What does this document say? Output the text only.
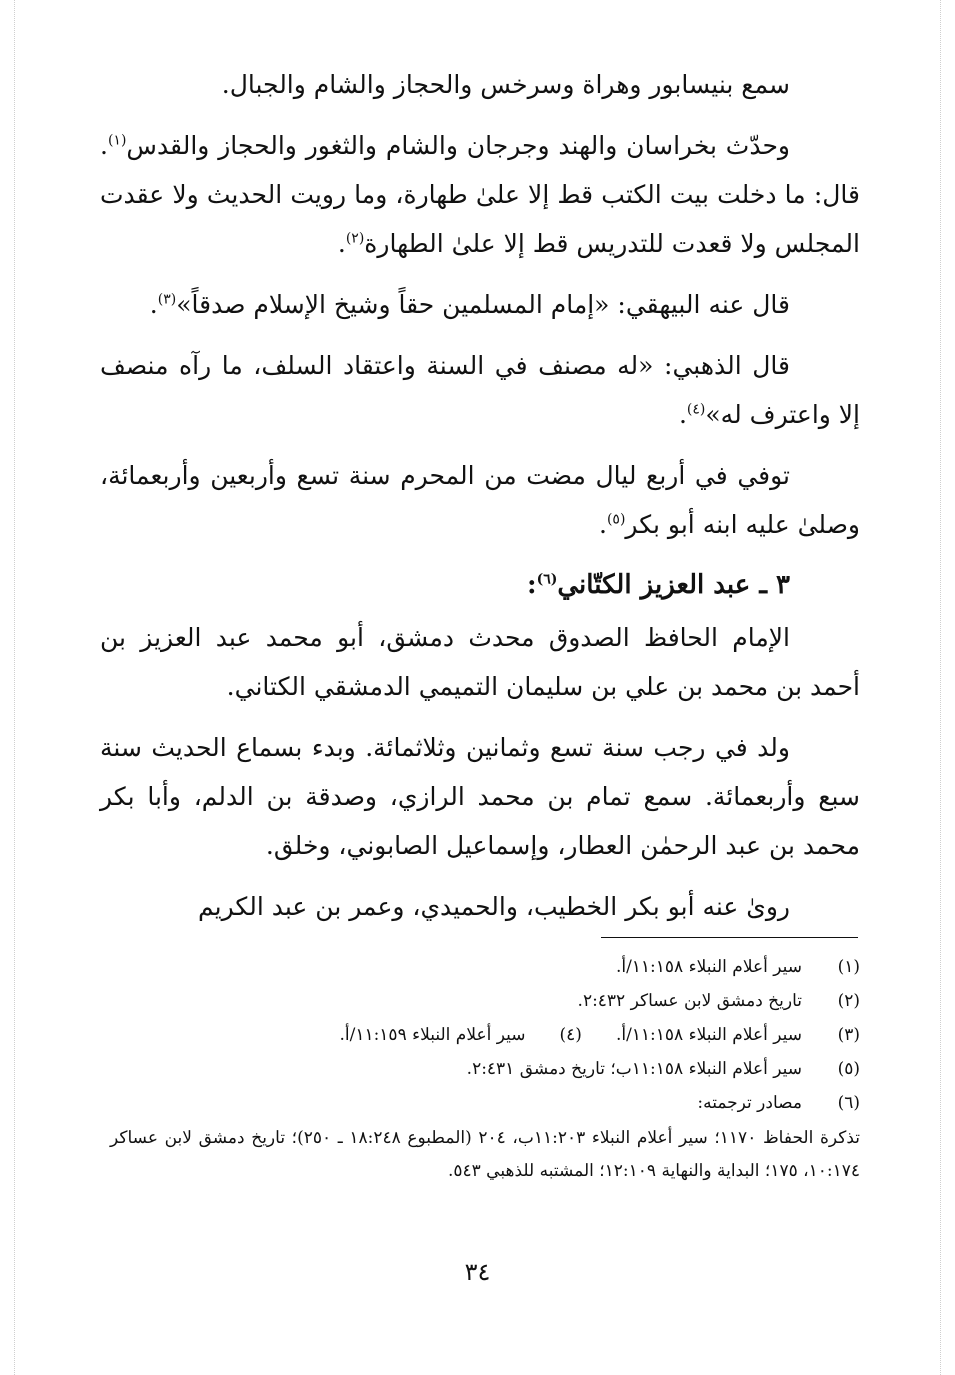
سمع بنيسابور وهراة وسرخس والحجاز والشام والجبال.

وحدّث بخراسان والهند وجرجان والشام والثغور والحجاز والقدس$^{(١)}$. قال: ما دخلت بيت الكتب قط إلا علىٰ طهارة، وما رويت الحديث ولا عقدت المجلس ولا قعدت للتدريس قط إلا علىٰ الطهارة$^{(٢)}$.

قال عنه البيهقي: «إمام المسلمين حقاً وشيخ الإسلام صدقاً»$^{(٣)}$.

قال الذهبي: «له مصنف في السنة واعتقاد السلف، ما رآه منصف إلا واعترف له»$^{(٤)}$.

توفي في أربع ليال مضت من المحرم سنة تسع وأربعين وأربعمائة، وصلىٰ عليه ابنه أبو بكر$^{(٥)}$.

٣ ـ عبد العزيز الكتّاني$^{(٦)}$:

الإمام الحافظ الصدوق محدث دمشق، أبو محمد عبد العزيز بن أحمد بن محمد بن علي بن سليمان التميمي الدمشقي الكتاني.

ولد في رجب سنة تسع وثمانين وثلاثمائة. وبدء بسماع الحديث سنة سبع وأربعمائة. سمع تمام بن محمد الرازي، وصدقة بن الدلم، وأبا بكر محمد بن عبد الرحمٰن العطار، وإسماعيل الصابوني، وخلق.

روىٰ عنه أبو بكر الخطيب، والحميدي، وعمر بن عبد الكريم

(١)
سير أعلام النبلاء ١١:١٥٨/أ.
(٢)
تاريخ دمشق لابن عساكر ٢:٤٣٢.
(٣)
سير أعلام النبلاء ١١:١٥٨/أ.(٤)سير أعلام النبلاء ١١:١٥٩/أ.
(٥)
سير أعلام النبلاء ١١:١٥٨ب؛ تاريخ دمشق ٢:٤٣١.
(٦)
مصادر ترجمته:
تذكرة الحفاظ ١١٧٠؛ سير أعلام النبلاء ١١:٢٠٣ب، ٢٠٤ (المطبوع ١٨:٢٤٨ ـ ٢٥٠)؛ تاريخ دمشق لابن عساكر ١٠:١٧٤، ١٧٥؛ البداية والنهاية ١٢:١٠٩؛ المشتبه للذهبي ٥٤٣.
٣٤
